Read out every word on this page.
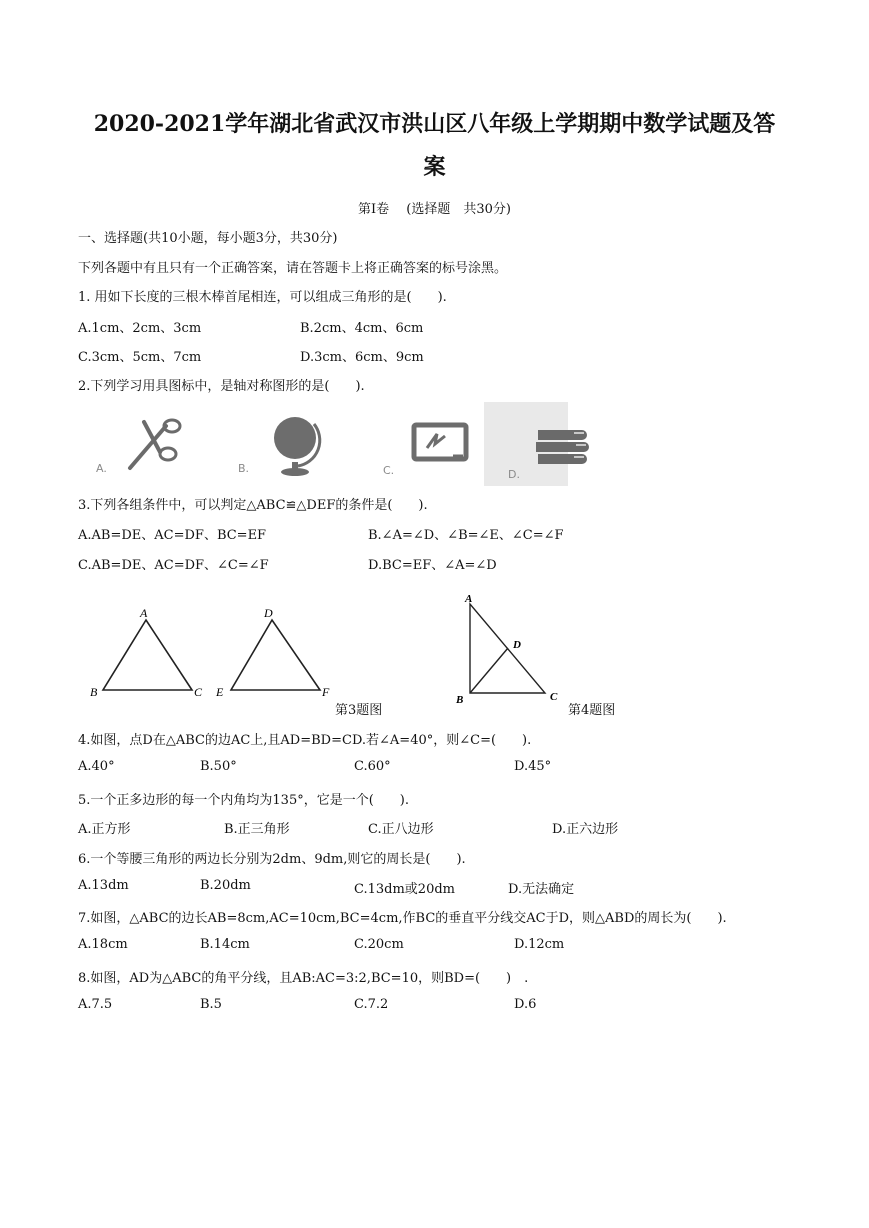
2020-2021学年湖北省武汉市洪山区八年级上学期期中数学试题及答
案
第Ⅰ卷　 (选择题　共30分)
一、选择题(共10小题，每小题3分，共30分)
下列各题中有且只有一个正确答案，请在答题卡上将正确答案的标号涂黑。
1. 用如下长度的三根木棒首尾相连，可以组成三角形的是(　　).
A.1cm、2cm、3cm	B.2cm、4cm、6cm
C.3cm、5cm、7cm	D.3cm、6cm、9cm
2.下列学习用具图标中，是轴对称图形的是(　　).
A.	B.	C.	D.
3.下列各组条件中，可以判定△ABC≌△DEF的条件是(　　).
A.AB=DE、AC=DF、BC=EF	B.∠A=∠D、∠B=∠E、∠C=∠F
C.AB=DE、AC=DF、∠C=∠F	D.BC=EF、∠A=∠D
A
B	C
D
E	F
A
B	C
D
第3题图	第4题图
4.如图，点D在△ABC的边AC上,且AD=BD=CD.若∠A=40°，则∠C=(　　).
A.40°	B.50°	C.60°	D.45°
5.一个正多边形的每一个内角均为135°，它是一个(　　).
A.正方形	B.正三角形	C.正八边形	D.正六边形
6.一个等腰三角形的两边长分别为2dm、9dm,则它的周长是(　　).
A.13dm	B.20dm	C.13dm或20dm	D.无法确定
7.如图，△ABC的边长AB=8cm,AC=10cm,BC=4cm,作BC的垂直平分线交AC于D，则△ABD的周长为(　　).
A.18cm	B.14cm	C.20cm	D.12cm
8.如图，AD为△ABC的角平分线，且AB:AC=3:2,BC=10，则BD=(　　)　.
A.7.5	B.5	C.7.2	D.6
